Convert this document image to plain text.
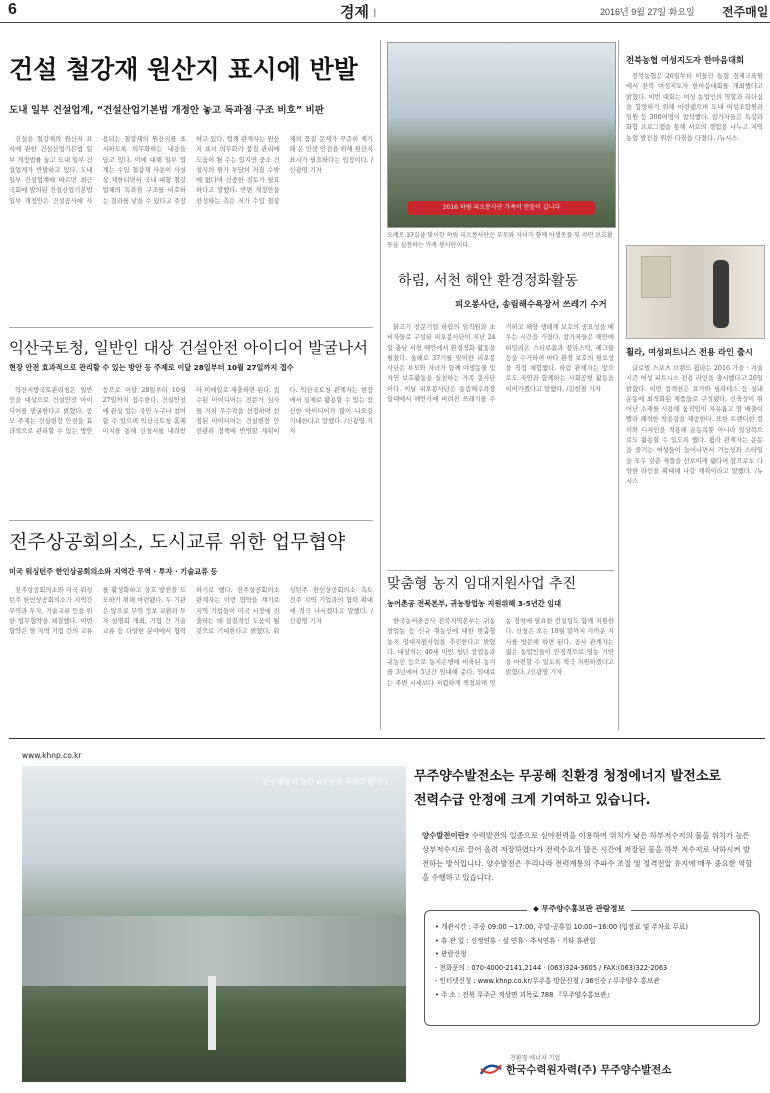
6	경제 I	2016년 9월 27일 화요일 전주매일
건설 철강재 원산지 표시에 반발
도내 일부 건설업계, “건설산업기본법 개정안 놓고 독과점 구조 비호” 비판

건설용 철강재의 원산지 표시에 관한 건설산업기본법 일부 개정법률 놓고 도내 일부 건설업계가 반발하고 있다. 도내 일부 건설업계에 따르면 최근 국회에 발의된 건설산업기본법 일부 개정안은 건설공사에 사용되는 철강재의 원산지를 표시하도록 의무화하는 내용을 담고 있다. 이에 대해 일부 업계는 수입 철강재 사용이 사실상 제한되면서 국내 대형 철강업체의 독과점 구조를 비호하는 결과를 낳을 수 있다고 주장하고 있다. 업계 관계자는 원산지 표시 의무화가 품질 관리에 도움이 될 수는 있지만 중소 건설사의 원가 부담이 커질 수밖에 없다며 신중한 검토가 필요하다고 말했다. 반면 개정안을 찬성하는 측은 저가 수입 철강재의 품질 문제가 꾸준히 제기돼 온 만큼 안전을 위해 원산지 표시가 필요하다는 입장이다. /신광영 기자

익산국토청, 일반인 대상 건설안전 아이디어 발굴나서
현장 안전 효과적으로 관리할 수 있는 방안 등 주제로 이달 28일부터 10월 27일까지 접수

익산지방국토관리청은 일반인을 대상으로 건설안전 아이디어를 발굴한다고 밝혔다. 공모 주제는 건설현장 안전을 효과적으로 관리할 수 있는 방안 등으로 이달 28일부터 10월 27일까지 접수한다. 건설안전에 관심 있는 국민 누구나 참여할 수 있으며 익산국토청 홈페이지를 통해 신청서를 내려받아 이메일로 제출하면 된다. 접수된 아이디어는 전문가 심사를 거쳐 우수작을 선정하며 선정된 아이디어는 건설현장 안전관리 정책에 반영할 계획이다. 익산국토청 관계자는 현장에서 실제로 활용할 수 있는 참신한 아이디어가 많이 나오길 기대한다고 말했다. /신광영 기자

전주상공회의소, 도시교류 위한 업무협약
미국 워싱턴주 한인상공회의소와 지역간 무역 · 투자 · 기술교류 등

전주상공회의소와 미국 워싱턴주 한인상공회의소가 지역간 무역과 투자, 기술교류 등을 위한 업무협약을 체결했다. 이번 협약은 양 지역 기업 간의 교류를 활성화하고 상호 발전을 도모하기 위해 마련됐다. 두 기관은 앞으로 무역 정보 교환과 투자 설명회 개최, 기업 간 기술교류 등 다양한 분야에서 협력하기로 했다. 전주상공회의소 관계자는 이번 협약을 계기로 지역 기업들이 미국 시장에 진출하는 데 실질적인 도움이 될 것으로 기대한다고 밝혔다. 워싱턴주 한인상공회의소 측도 전주 지역 기업과의 협력 확대에 적극 나서겠다고 말했다. /신광영 기자

2016 하림 피오봉사단 가족이 만들어 갑니다
오례로 37길을 맞이한 하림 피오봉사단은 부모와 자녀가 함께 아생동물 및 자연 보호활동을 실천하는 가족 봉사단이다.
하림, 서천 해안 환경정화활동
피오봉사단, 송림해수욕장서 쓰레기 수거

닭고기 전문기업 하림의 임직원과 소비자들로 구성된 피오봉사단이 지난 24일 충남 서천 해안에서 환경정화 활동을 펼쳤다. 올해로 37기를 맞이한 피오봉사단은 부모와 자녀가 함께 야생동물 및 자연 보호활동을 실천하는 가족 봉사단이다. 이날 피오봉사단은 송림해수욕장 일대에서 해안가에 버려진 쓰레기를 수거하고 해양 생태계 보호의 중요성을 배우는 시간을 가졌다. 참가자들은 해안에 떠밀려온 스티로폼과 플라스틱, 폐그물 등을 수거하며 바다 환경 보호의 필요성을 직접 체험했다. 하림 관계자는 앞으로도 자연과 함께하는 사회공헌 활동을 이어가겠다고 말했다. /김현철 기자

맞춤형 농지 임대지원사업 추진
농어촌공 전북본부, 귀농창업농 지원위해 3-5년간 임대

한국농어촌공사 전북지역본부는 귀농창업농 등 신규 취농인에 대한 맞춤형 농지 임대지원사업을 추진한다고 밝혔다. 대상자는 40세 미만 청년 창업농과 귀농인 등으로 농지은행에 비축된 농지를 3년에서 5년간 임대해 준다. 임대료는 주변 시세보다 저렴하게 책정되며 영농 정착에 필요한 컨설팅도 함께 지원한다. 신청은 오는 10월 말까지 가까운 지사를 방문해 하면 된다. 공사 관계자는 젊은 농업인들이 안정적으로 영농 기반을 마련할 수 있도록 적극 지원하겠다고 밝혔다. /신광영 기자

전북농협 여성지도자 한마음대회

전북농협은 26일부터 이틀간 농협 경제교육원에서 전북 여성지도자 한마음대회를 개최했다고 밝혔다. 이번 대회는 여성 농업인의 역할과 리더십을 함양하기 위해 마련됐으며 도내 여성조합원과 임원 등 300여명이 참석했다. 참가자들은 특강과 화합 프로그램을 통해 서로의 경험을 나누고 지역 농업 발전을 위한 다짐을 다졌다. /뉴시스

휠라, 여성피트니스 전용 라인 출시

글로벌 스포츠 브랜드 휠라는 2016 가을 · 겨울 시즌 여성 피트니스 전용 라인을 출시했다고 26일 밝혔다. 이번 컬렉션은 요가와 필라테스 등 실내 운동에 최적화된 제품들로 구성됐다. 신축성이 뛰어난 소재를 사용해 움직임이 자유롭고 땀 배출이 빨라 쾌적한 착용감을 제공한다. 또한 트렌디한 컬러와 디자인을 적용해 운동복뿐 아니라 일상복으로도 활용할 수 있도록 했다. 휠라 관계자는 운동을 즐기는 여성들이 늘어나면서 기능성과 스타일을 모두 갖춘 제품을 선보이게 됐다며 앞으로도 다양한 라인을 확대해 나갈 계획이라고 말했다. /뉴시스

www.khnp.co.kr
전주매일의 창간 8주년을 축하드립니다 무주양수발전소는 무공해 친환경 청정에너지 발전소로
전력수급 안정에 크게 기여하고 있습니다.
양수발전이란? 수력발전의 일종으로 심야전력을 이용하여 위치가 낮은 하부저수지의 물을 위치가 높은 상부저수지로 끌어 올려 저장하였다가 전력수요가 많은 시간에 저장된 물을 하부 저수지로 낙하시켜 발전하는 방식입니다. 양수발전은 우리나라 전력계통의 주파수 조절 및 정격전압 유지에 매우 중요한 역할을 수행하고 있습니다.
◆ 무주양수홍보관 관람정보
• 개관시간 : 주중 09:00 ~17:00, 주말·공휴일 10:00~16:00 (입장료 및 주차료 무료)
• 휴 관 일 : 신정연휴 · 설 연휴 · 추석연휴 · 기타 휴관일
• 관람신청
- 전화문의 : 070-4000-2141,2144 · (063)324-3605 / FAX:(063)322-2063
- 인터넷신청 : www.khnp.co.kr/무주홍 방문신청 / 36인승 / 무주양수 홍보관
• 주 소 : 전북 무주군 적상면 괴목로 788 『무주양수홍보관』
친환경 에너지 기업
한국수력원자력(주) 무주양수발전소
